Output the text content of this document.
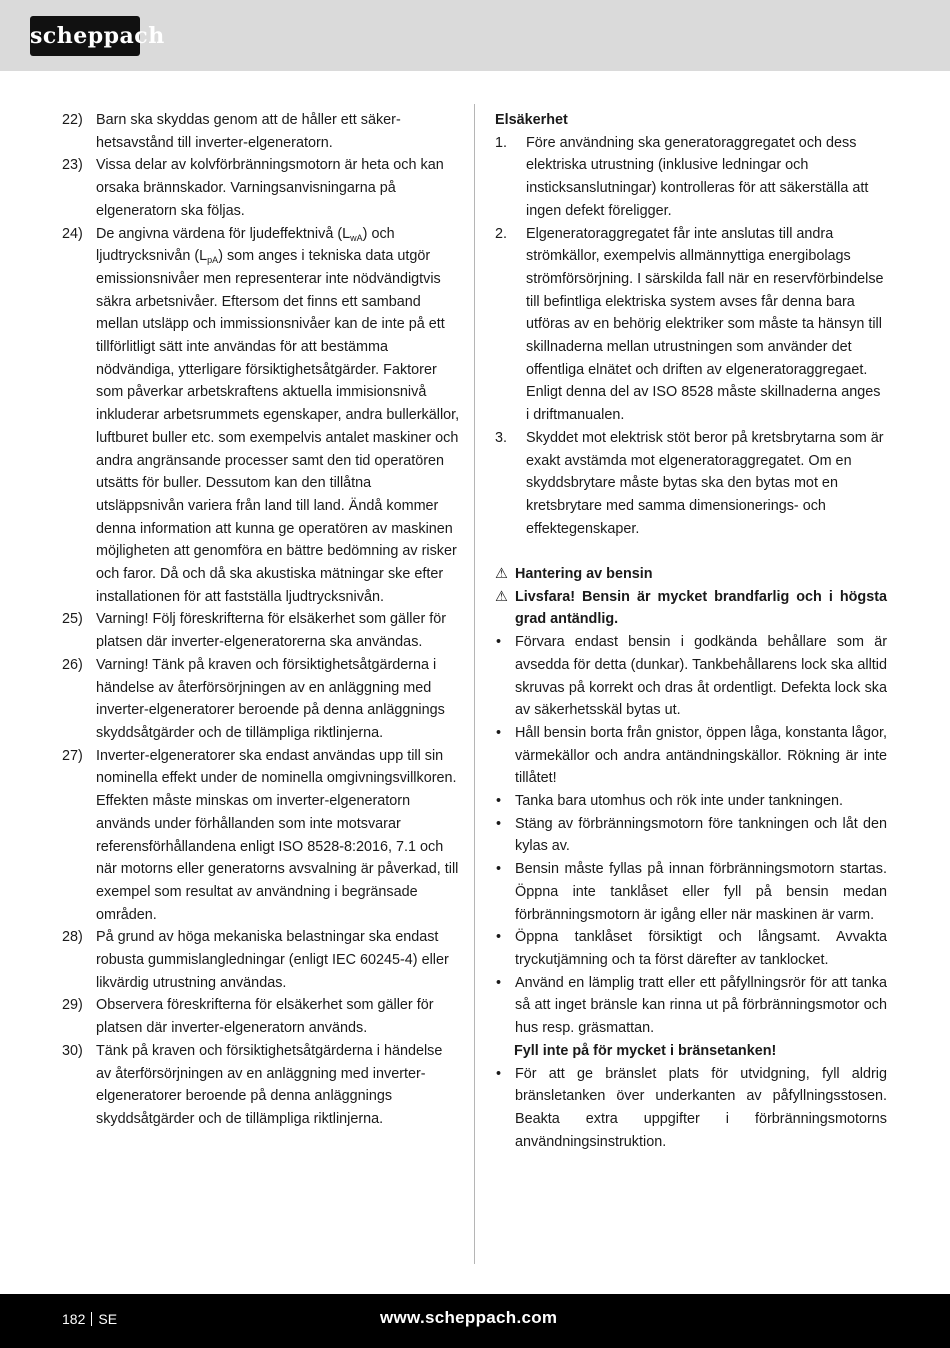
scheppach
22) Barn ska skyddas genom att de håller ett säkerhetsavstånd till inverter-elgeneratorn.
23) Vissa delar av kolvförbränningsmotorn är heta och kan orsaka brännskador. Varningsanvisningarna på elgeneratorn ska följas.
24) De angivna värdena för ljudeffektnivå $(L_{wA})$ och ljudtrycksnivån $(L_{pA})$ som anges i tekniska data utgör emissionsnivåer men representerar inte nödvändigtvis säkra arbetsnivåer. Eftersom det finns ett samband mellan utsläpp och immissionsnivåer kan de inte på ett tillförlitligt sätt inte användas för att bestämma nödvändiga, ytterligare försiktighetsåtgärder. Faktorer som påverkar arbetskraftens aktuella immisionsnivå inkluderar arbetsrummets egenskaper, andra bullerkällor, luftburet buller etc. som exempelvis antalet maskiner och andra angränsande processer samt den tid operatören utsätts för buller. Dessutom kan den tillåtna utsläppsnivån variera från land till land. Ändå kommer denna information att kunna ge operatören av maskinen möjligheten att genomföra en bättre bedömning av risker och faror. Då och då ska akustiska mätningar ske efter installationen för att fastställa ljudtrycksnivån.
25) Varning! Följ föreskrifterna för elsäkerhet som gäller för platsen där inverter-elgeneratorerna ska användas.
26) Varning! Tänk på kraven och försiktighetsåtgärderna i händelse av återförsörjningen av en anläggning med inverter-elgeneratorer beroende på denna anläggnings skyddsåtgärder och de tillämpliga riktlinjerna.
27) Inverter-elgeneratorer ska endast användas upp till sin nominella effekt under de nominella omgivningsvillkoren. Effekten måste minskas om inverter-elgeneratorn används under förhållanden som inte motsvarar referensförhållandena enligt ISO 8528-8:2016, 7.1 och när motorns eller generatorns avsvalning är påverkad, till exempel som resultat av användning i begränsade områden.
28) På grund av höga mekaniska belastningar ska endast robusta gummislangledningar (enligt IEC 60245-4) eller likvärdig utrustning användas.
29) Observera föreskrifterna för elsäkerhet som gäller för platsen där inverter-elgeneratorn används.
30) Tänk på kraven och försiktighetsåtgärderna i händelse av återförsörjningen av en anläggning med inverter-elgeneratorer beroende på denna anläggnings skyddsåtgärder och de tillämpliga riktlinjerna.
Elsäkerhet
1.	Före användning ska generatoraggregatet och dess elektriska utrustning (inklusive ledningar och insticksanslutningar) kontrolleras för att säkerställa att ingen defekt föreligger.
2.	Elgeneratoraggregatet får inte anslutas till andra strömkällor, exempelvis allmännyttiga energibolags strömförsörjning. I särskilda fall när en reservförbindelse till befintliga elektriska system avses får denna bara utföras av en behörig elektriker som måste ta hänsyn till skillnaderna mellan utrustningen som använder det offentliga elnätet och driften av elgeneratoraggregaet. Enligt denna del av ISO 8528 måste skillnaderna anges i driftmanualen.
3.	Skyddet mot elektrisk stöt beror på kretsbrytarna som är exakt avstämda mot elgeneratoraggregatet. Om en skyddsbrytare måste bytas ska den bytas mot en kretsbrytare med samma dimensionerings- och effektegenskaper.
⚠ Hantering av bensin
⚠ Livsfara! Bensin är mycket brandfarlig och i högsta grad antändlig.
• Förvara endast bensin i godkända behållare som är avsedda för detta (dunkar). Tankbehållarens lock ska alltid skruvas på korrekt och dras åt ordentligt. Defekta lock ska av säkerhetsskäl bytas ut.
• Håll bensin borta från gnistor, öppen låga, konstanta lågor, värmekällor och andra antändningskällor. Rökning är inte tillåtet!
• Tanka bara utomhus och rök inte under tankningen.
• Stäng av förbränningsmotorn före tankningen och låt den kylas av.
• Bensin måste fyllas på innan förbränningsmotorn startas. Öppna inte tanklåset eller fyll på bensin medan förbränningsmotorn är igång eller när maskinen är varm.
• Öppna tanklåset försiktigt och långsamt. Avvakta tryckutjämning och ta först därefter av tanklocket.
• Använd en lämplig tratt eller ett påfyllningsrör för att tanka så att inget bränsle kan rinna ut på förbränningsmotor och hus resp. gräsmattan.
Fyll inte på för mycket i bränsetanken!
• För att ge bränslet plats för utvidgning, fyll aldrig bränsletanken över underkanten av påfyllningsstosen. Beakta extra uppgifter i förbränningsmotorns användningsinstruktion.
182 SE	www.scheppach.com
